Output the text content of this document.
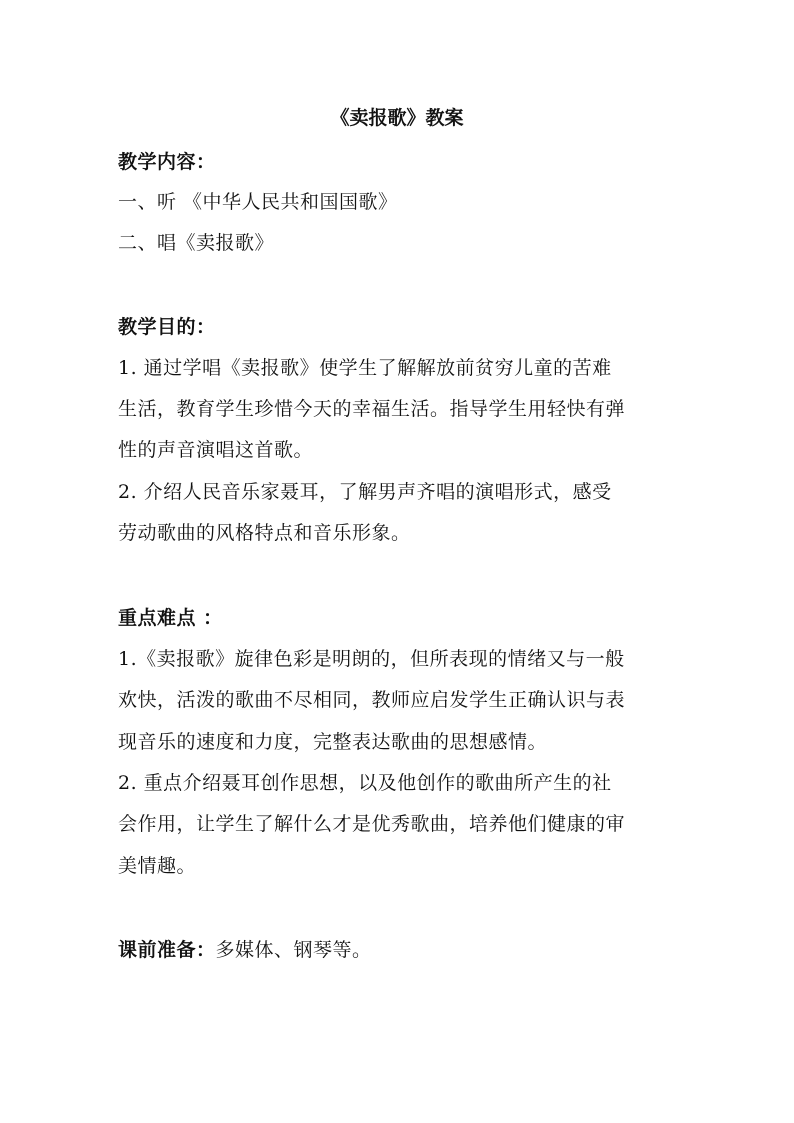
《卖报歌》教案
教学内容：
一、听 《中华人民共和国国歌》
二、唱《卖报歌》
教学目的：
1. 通过学唱《卖报歌》使学生了解解放前贫穷儿童的苦难
生活，教育学生珍惜今天的幸福生活。指导学生用轻快有弹
性的声音演唱这首歌。
2. 介绍人民音乐家聂耳，了解男声齐唱的演唱形式，感受
劳动歌曲的风格特点和音乐形象。
重点难点 ：
1.《卖报歌》旋律色彩是明朗的，但所表现的情绪又与一般
欢快，活泼的歌曲不尽相同，教师应启发学生正确认识与表
现音乐的速度和力度，完整表达歌曲的思想感情。
2. 重点介绍聂耳创作思想，以及他创作的歌曲所产生的社
会作用，让学生了解什么才是优秀歌曲，培养他们健康的审
美情趣。
课前准备：多媒体、钢琴等。
